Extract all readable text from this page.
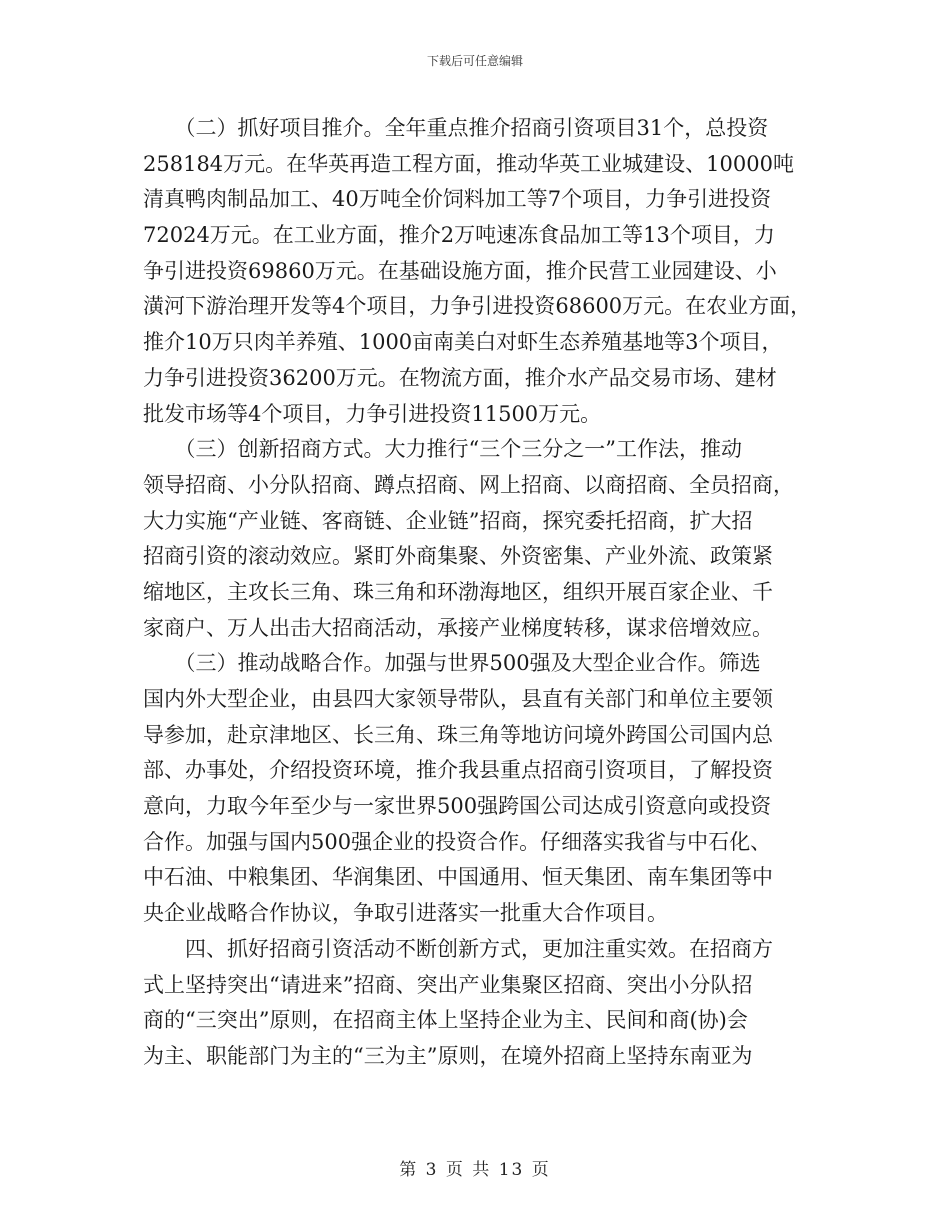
下载后可任意编辑
　　（二）抓好项目推介。全年重点推介招商引资项目31个，总投资
258184万元。在华英再造工程方面，推动华英工业城建设、10000吨
清真鸭肉制品加工、40万吨全价饲料加工等7个项目，力争引进投资
72024万元。在工业方面，推介2万吨速冻食品加工等13个项目，力
争引进投资69860万元。在基础设施方面，推介民营工业园建设、小
潢河下游治理开发等4个项目，力争引进投资68600万元。在农业方面，
推介10万只肉羊养殖、1000亩南美白对虾生态养殖基地等3个项目，
力争引进投资36200万元。在物流方面，推介水产品交易市场、建材
批发市场等4个项目，力争引进投资11500万元。
　　（三）创新招商方式。大力推行“三个三分之一”工作法，推动
领导招商、小分队招商、蹲点招商、网上招商、以商招商、全员招商，
大力实施“产业链、客商链、企业链”招商，探究委托招商，扩大招
招商引资的滚动效应。紧盯外商集聚、外资密集、产业外流、政策紧
缩地区，主攻长三角、珠三角和环渤海地区，组织开展百家企业、千
家商户、万人出击大招商活动，承接产业梯度转移，谋求倍增效应。
　　（三）推动战略合作。加强与世界500强及大型企业合作。筛选
国内外大型企业，由县四大家领导带队，县直有关部门和单位主要领
导参加，赴京津地区、长三角、珠三角等地访问境外跨国公司国内总
部、办事处，介绍投资环境，推介我县重点招商引资项目，了解投资
意向，力取今年至少与一家世界500强跨国公司达成引资意向或投资
合作。加强与国内500强企业的投资合作。仔细落实我省与中石化、
中石油、中粮集团、华润集团、中国通用、恒天集团、南车集团等中
央企业战略合作协议，争取引进落实一批重大合作项目。
　　四、抓好招商引资活动不断创新方式，更加注重实效。在招商方
式上坚持突出“请进来”招商、突出产业集聚区招商、突出小分队招
商的“三突出”原则，在招商主体上坚持企业为主、民间和商(协)会
为主、职能部门为主的“三为主”原则，在境外招商上坚持东南亚为
第 3 页 共 13 页
